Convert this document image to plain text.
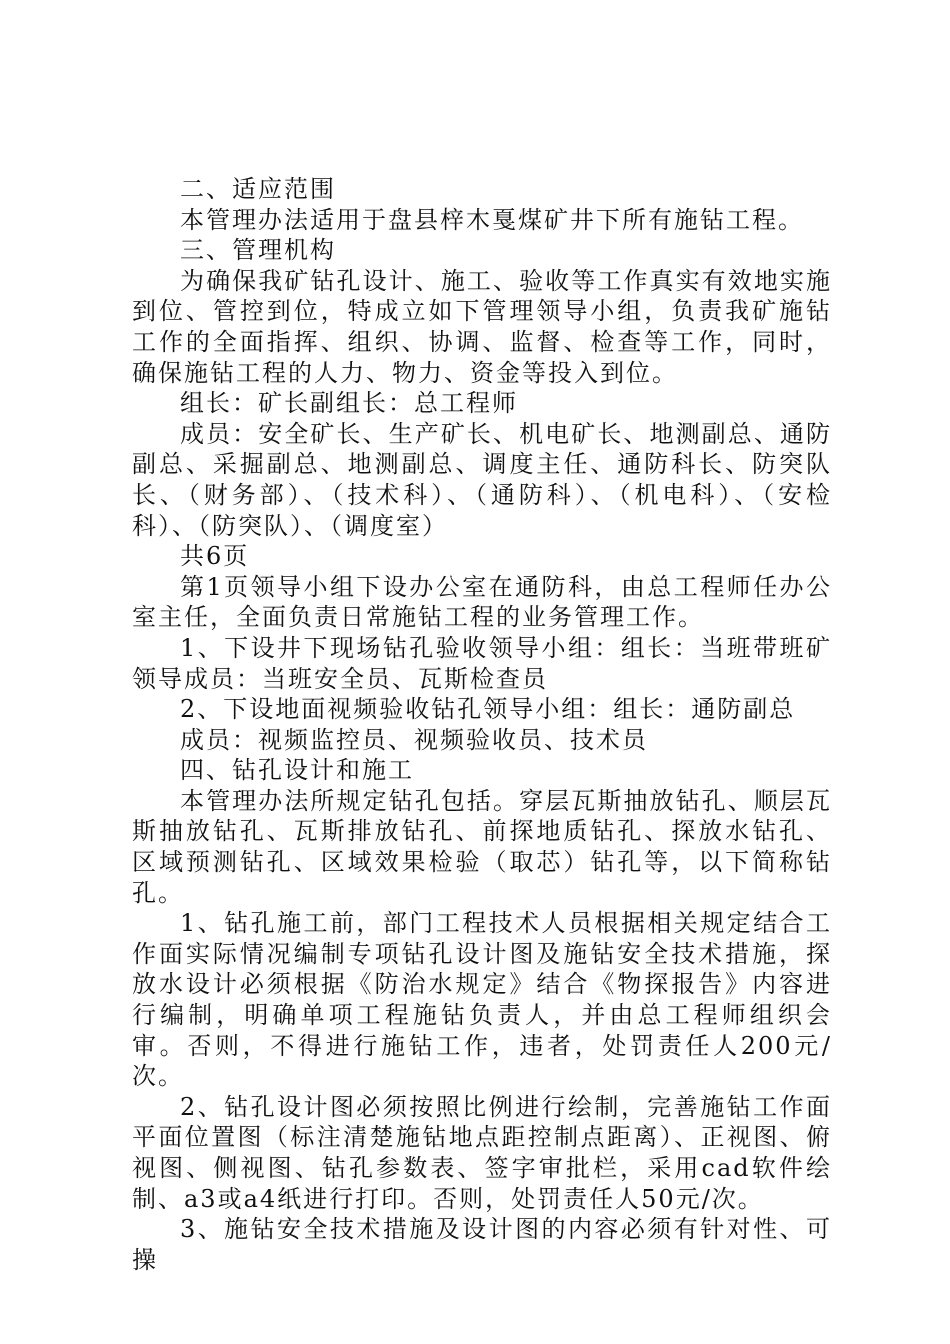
二、适应范围

本管理办法适用于盘县梓木戛煤矿井下所有施钻工程。

三、管理机构

为确保我矿钻孔设计、施工、验收等工作真实有效地实施到位、管控到位，特成立如下管理领导小组，负责我矿施钻工作的全面指挥、组织、协调、监督、检查等工作，同时，确保施钻工程的人力、物力、资金等投入到位。

组长：矿长副组长：总工程师

成员：安全矿长、生产矿长、机电矿长、地测副总、通防副总、采掘副总、地测副总、调度主任、通防科长、防突队长、（财务部）、（技术科）、（通防科）、（机电科）、（安检科）、（防突队）、（调度室）

共6页

第1页领导小组下设办公室在通防科，由总工程师任办公室主任，全面负责日常施钻工程的业务管理工作。

1、下设井下现场钻孔验收领导小组：组长：当班带班矿领导成员：当班安全员、瓦斯检查员

2、下设地面视频验收钻孔领导小组：组长：通防副总

成员：视频监控员、视频验收员、技术员

四、钻孔设计和施工

本管理办法所规定钻孔包括。穿层瓦斯抽放钻孔、顺层瓦斯抽放钻孔、瓦斯排放钻孔、前探地质钻孔、探放水钻孔、区域预测钻孔、区域效果检验（取芯）钻孔等，以下简称钻孔。

1、钻孔施工前，部门工程技术人员根据相关规定结合工作面实际情况编制专项钻孔设计图及施钻安全技术措施，探放水设计必须根据《防治水规定》结合《物探报告》内容进行编制，明确单项工程施钻负责人，并由总工程师组织会审。否则，不得进行施钻工作，违者，处罚责任人200元/次。

2、钻孔设计图必须按照比例进行绘制，完善施钻工作面平面位置图（标注清楚施钻地点距控制点距离）、正视图、俯视图、侧视图、钻孔参数表、签字审批栏，采用cad软件绘制、a3或a4纸进行打印。否则，处罚责任人50元/次。

3、施钻安全技术措施及设计图的内容必须有针对性、可操
